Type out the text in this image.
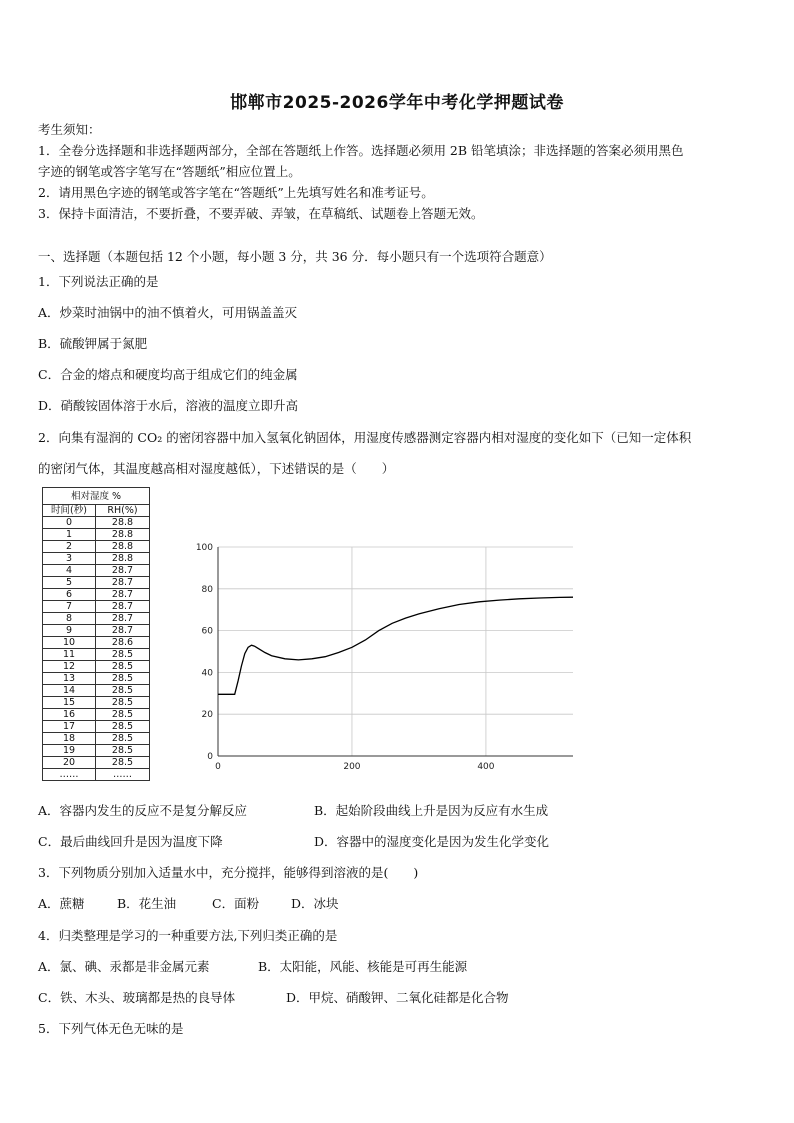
邯郸市2025-2026学年中考化学押题试卷
考生须知：
1．全卷分选择题和非选择题两部分，全部在答题纸上作答。选择题必须用 2B 铅笔填涂；非选择题的答案必须用黑色
字迹的钢笔或答字笔写在“答题纸”相应位置上。
2．请用黑色字迹的钢笔或答字笔在“答题纸”上先填写姓名和准考证号。
3．保持卡面清洁，不要折叠，不要弄破、弄皱，在草稿纸、试题卷上答题无效。
一、选择题（本题包括 12 个小题，每小题 3 分，共 36 分．每小题只有一个选项符合题意）
1．下列说法正确的是
A．炒菜时油锅中的油不慎着火，可用锅盖盖灭
B．硫酸钾属于氮肥
C．合金的熔点和硬度均高于组成它们的纯金属
D．硝酸铵固体溶于水后，溶液的温度立即升高
2．向集有湿润的 CO₂ 的密闭容器中加入氢氧化钠固体，用湿度传感器测定容器内相对湿度的变化如下（已知一定体积
的密闭气体，其温度越高相对湿度越低），下述错误的是（　　）
相对湿度 %	
时间(秒)	RH(%)
0	28.8
1	28.8
2	28.8
3	28.8
4	28.7
5	28.7
6	28.7
7	28.7
8	28.7
9	28.7
10	28.6
11	28.5
12	28.5
13	28.5
14	28.5
15	28.5
16	28.5
17	28.5
18	28.5
19	28.5
20	28.5
……	……
0
20
40
60
80
100
0	200	400
A．容器内发生的反应不是复分解反应	B．起始阶段曲线上升是因为反应有水生成
C．最后曲线回升是因为温度下降	D．容器中的湿度变化是因为发生化学变化
3．下列物质分别加入适量水中，充分搅拌，能够得到溶液的是(　　)
A．蔗糖	B．花生油	C．面粉	D．冰块
4．归类整理是学习的一种重要方法,下列归类正确的是
A．氯、碘、汞都是非金属元素	B．太阳能，风能、核能是可再生能源
C．铁、木头、玻璃都是热的良导体	D．甲烷、硝酸钾、二氧化硅都是化合物
5．下列气体无色无味的是
